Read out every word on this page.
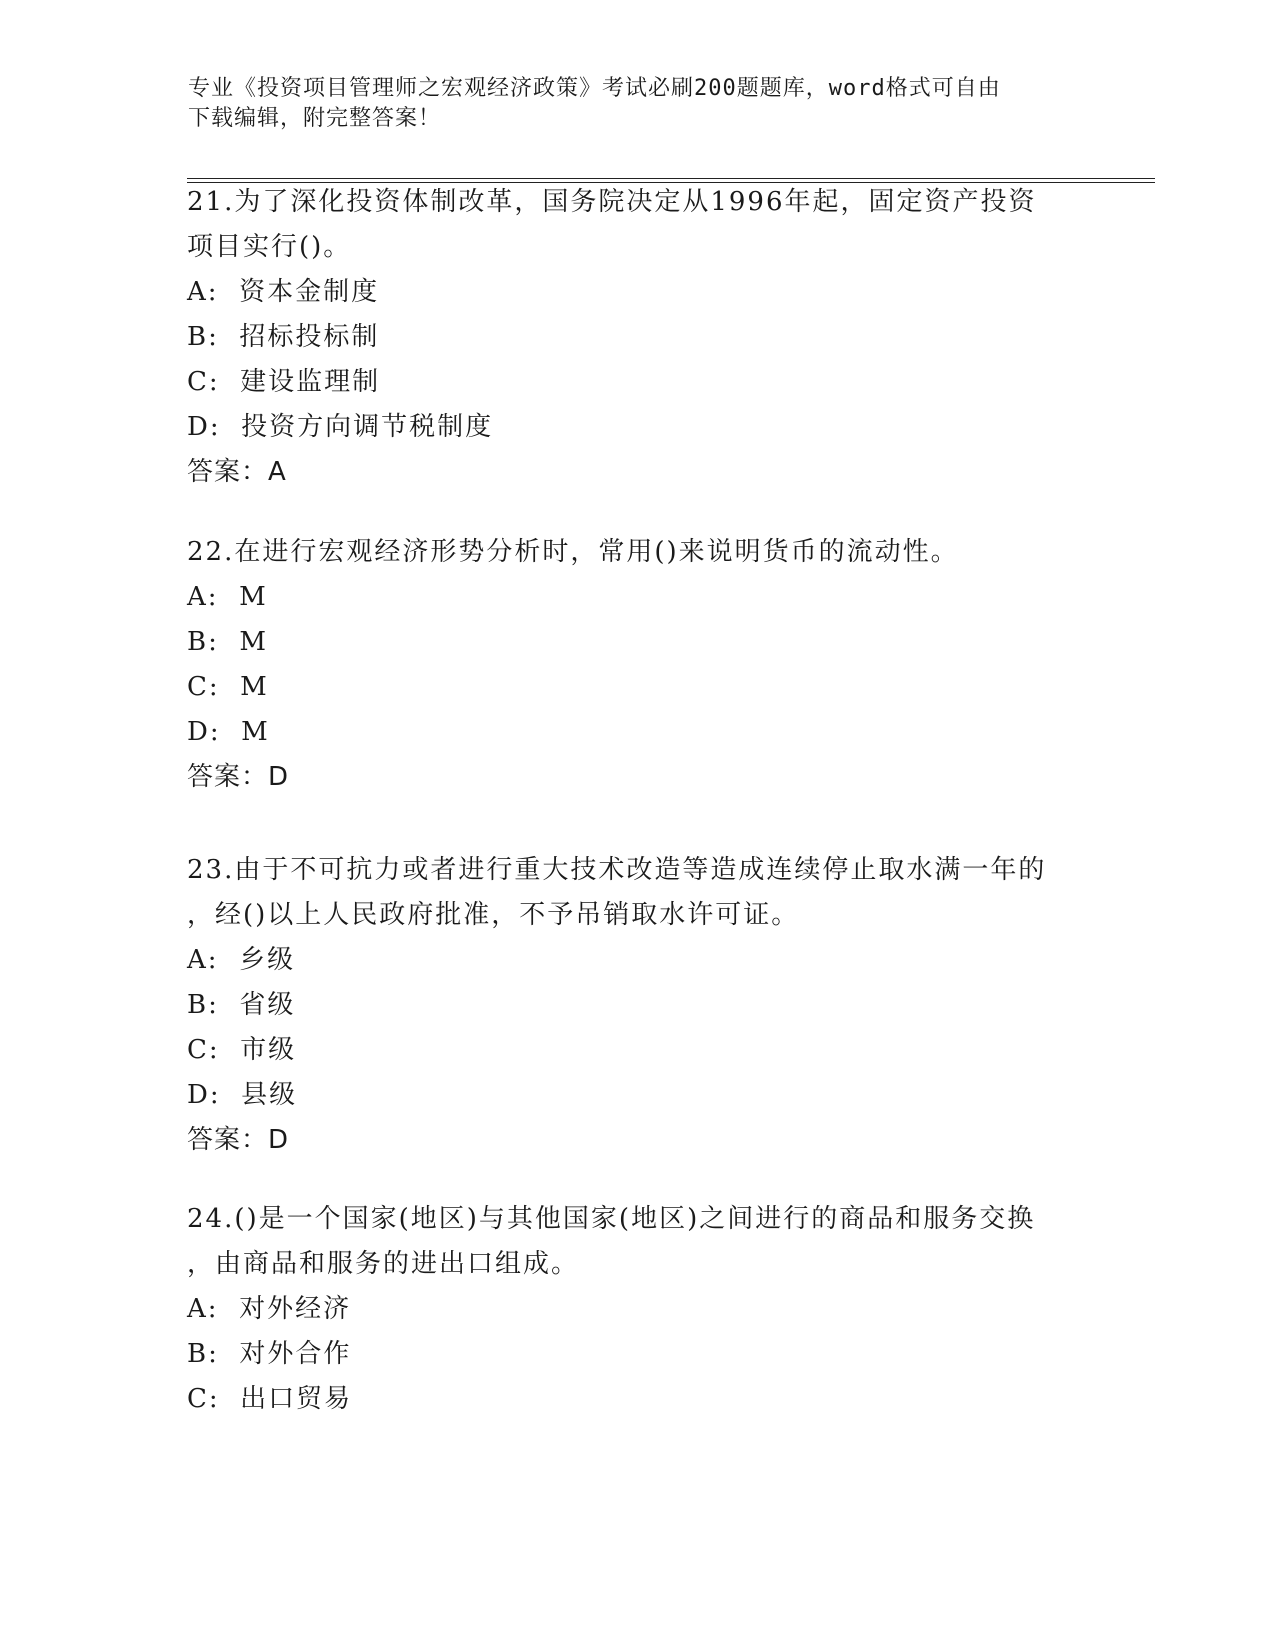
专业《投资项目管理师之宏观经济政策》考试必刷200题题库，word格式可自由
下载编辑，附完整答案！
21.为了深化投资体制改革，国务院决定从1996年起，固定资产投资
项目实行()。
A:  资本金制度
B:  招标投标制
C:  建设监理制
D:  投资方向调节税制度
答案：A
22.在进行宏观经济形势分析时，常用()来说明货币的流动性。
A:  M
B:  M
C:  M
D:  M
答案：D
23.由于不可抗力或者进行重大技术改造等造成连续停止取水满一年的
，经()以上人民政府批准，不予吊销取水许可证。
A:  乡级
B:  省级
C:  市级
D:  县级
答案：D
24.()是一个国家(地区)与其他国家(地区)之间进行的商品和服务交换
，由商品和服务的进出口组成。
A:  对外经济
B:  对外合作
C:  出口贸易
